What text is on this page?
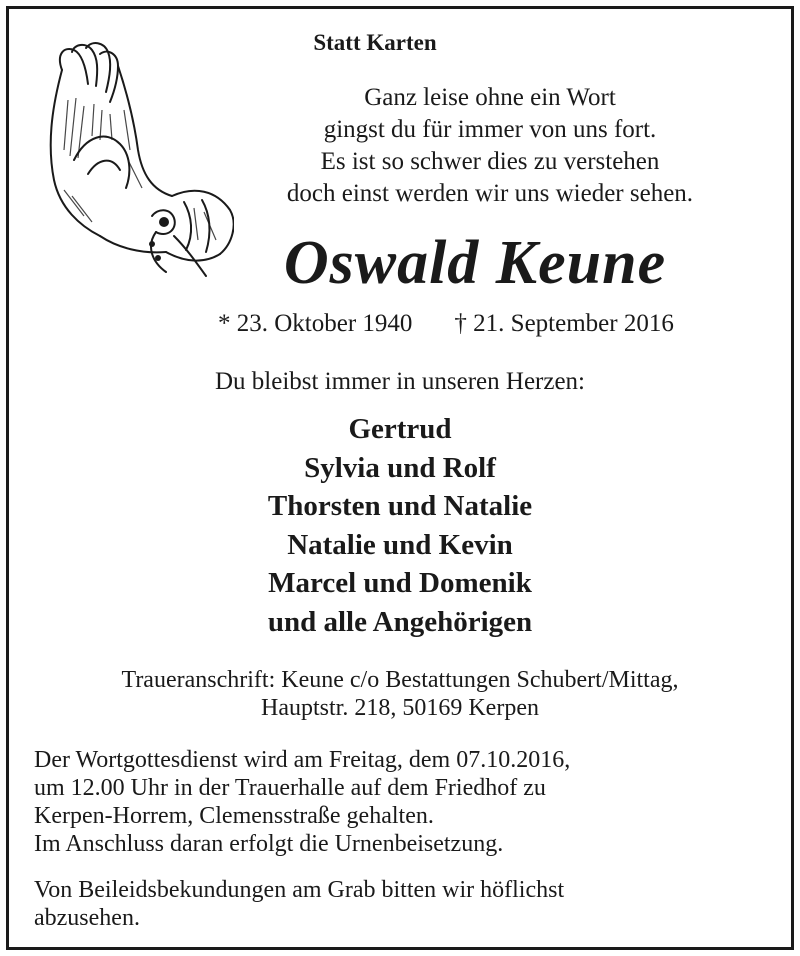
Statt Karten
Ganz leise ohne ein Wort
gingst du für immer von uns fort.
Es ist so schwer dies zu verstehen
doch einst werden wir uns wieder sehen.
Oswald Keune
* 23. Oktober 1940 † 21. September 2016
Du bleibst immer in unseren Herzen:
Gertrud
Sylvia und Rolf
Thorsten und Natalie
Natalie und Kevin
Marcel und Domenik
und alle Angehörigen
Traueranschrift: Keune c/o Bestattungen Schubert/Mittag,
Hauptstr. 218, 50169 Kerpen
Der Wortgottesdienst wird am Freitag, dem 07.10.2016,
um 12.00 Uhr in der Trauerhalle auf dem Friedhof zu
Kerpen-Horrem, Clemensstraße gehalten.
Im Anschluss daran erfolgt die Urnenbeisetzung.
Von Beileidsbekundungen am Grab bitten wir höflichst
abzusehen.
